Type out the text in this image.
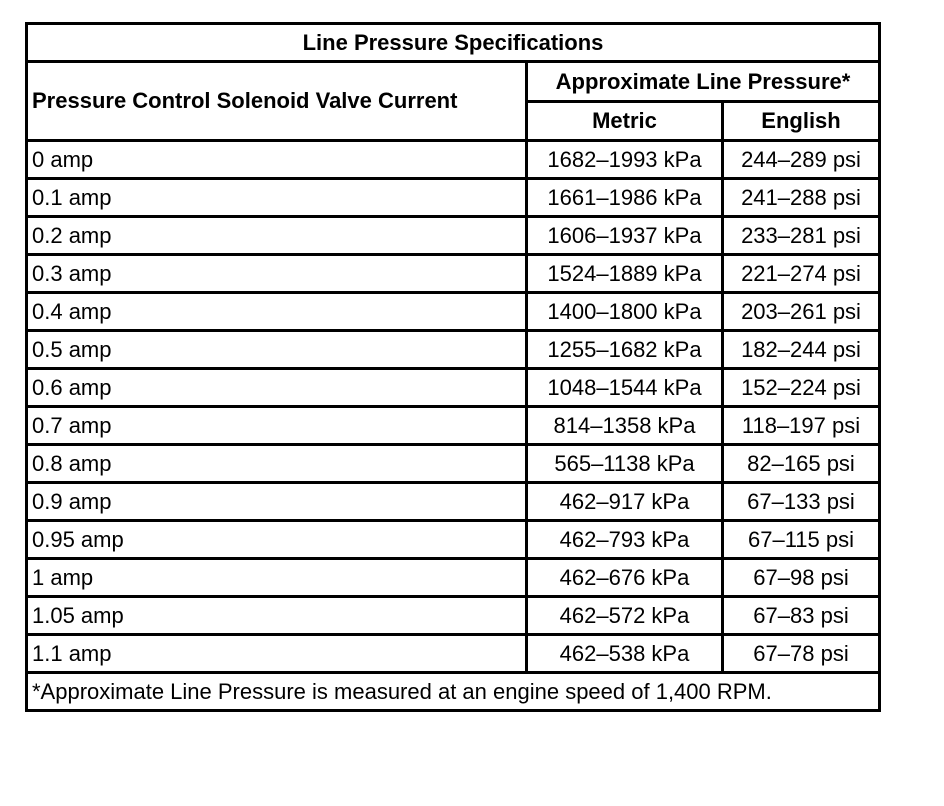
Line Pressure Specifications		
Pressure Control Solenoid Valve Current	Approximate Line Pressure*	
	Metric	English
0 amp	1682–1993 kPa	244–289 psi
0.1 amp	1661–1986 kPa	241–288 psi
0.2 amp	1606–1937 kPa	233–281 psi
0.3 amp	1524–1889 kPa	221–274 psi
0.4 amp	1400–1800 kPa	203–261 psi
0.5 amp	1255–1682 kPa	182–244 psi
0.6 amp	1048–1544 kPa	152–224 psi
0.7 amp	814–1358 kPa	118–197 psi
0.8 amp	565–1138 kPa	82–165 psi
0.9 amp	462–917 kPa	67–133 psi
0.95 amp	462–793 kPa	67–115 psi
1 amp	462–676 kPa	67–98 psi
1.05 amp	462–572 kPa	67–83 psi
1.1 amp	462–538 kPa	67–78 psi
*Approximate Line Pressure is measured at an engine speed of 1,400 RPM.		
